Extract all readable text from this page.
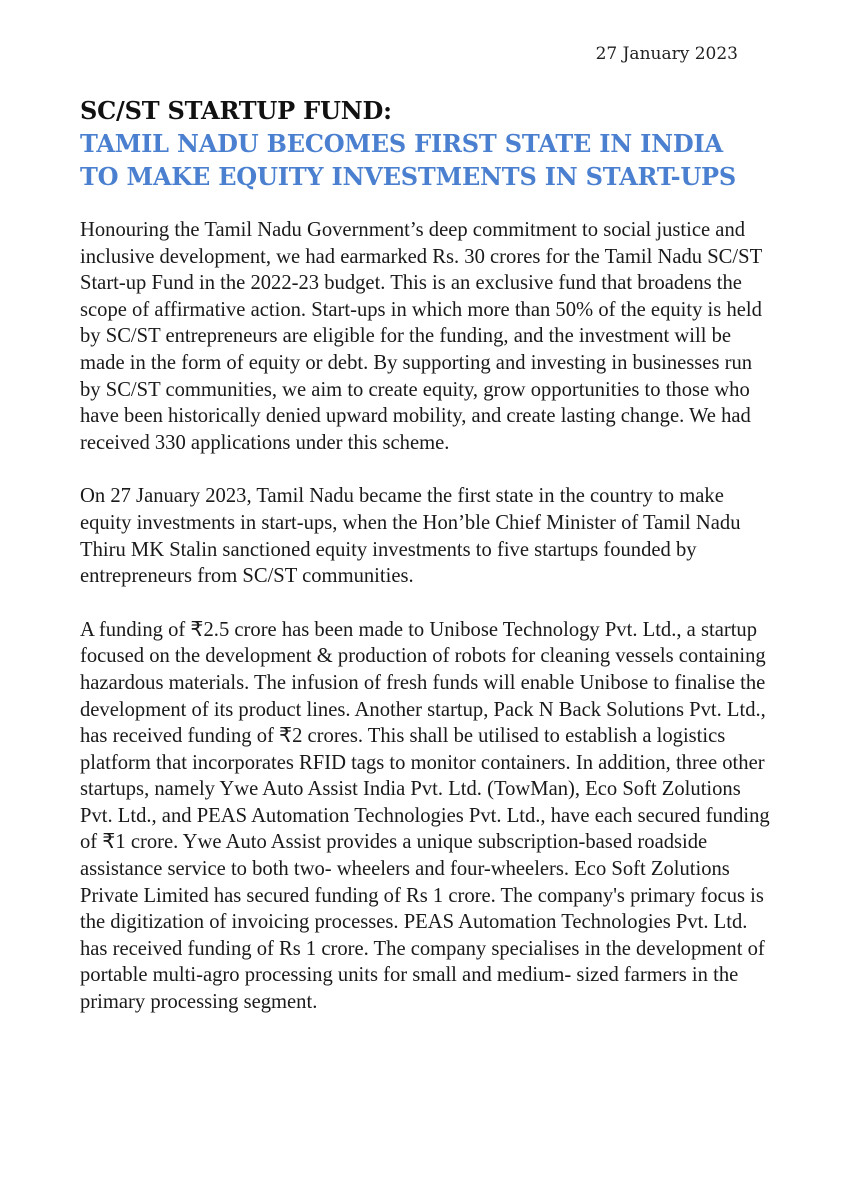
27 January 2023
SC/ST STARTUP FUND:
TAMIL NADU BECOMES FIRST STATE IN INDIA
TO MAKE EQUITY INVESTMENTS IN START-UPS

Honouring the Tamil Nadu Government’s deep commitment to social justice and inclusive development, we had earmarked Rs. 30 crores for the Tamil Nadu SC/ST Start-up Fund in the 2022-23 budget. This is an exclusive fund that broadens the scope of affirmative action. Start-ups in which more than 50% of the equity is held by SC/ST entrepreneurs are eligible for the funding, and the investment will be made in the form of equity or debt. By supporting and investing in businesses run by SC/ST communities, we aim to create equity, grow opportunities to those who have been historically denied upward mobility, and create lasting change. We had received 330 applications under this scheme.

On 27 January 2023, Tamil Nadu became the first state in the country to make equity investments in start-ups, when the Hon’ble Chief Minister of Tamil Nadu Thiru MK Stalin sanctioned equity investments to five startups founded by entrepreneurs from SC/ST communities.

A funding of ₹2.5 crore has been made to Unibose Technology Pvt. Ltd., a startup focused on the development & production of robots for cleaning vessels containing hazardous materials. The infusion of fresh funds will enable Unibose to finalise the development of its product lines. Another startup, Pack N Back Solutions Pvt. Ltd., has received funding of ₹2 crores. This shall be utilised to establish a logistics platform that incorporates RFID tags to monitor containers. In addition, three other startups, namely Ywe Auto Assist India Pvt. Ltd. (TowMan), Eco Soft Zolutions Pvt. Ltd., and PEAS Automation Technologies Pvt. Ltd., have each secured funding of ₹1 crore. Ywe Auto Assist provides a unique subscription-based roadside assistance service to both two- wheelers and four-wheelers. Eco Soft Zolutions Private Limited has secured funding of Rs 1 crore. The company's primary focus is the digitization of invoicing processes. PEAS Automation Technologies Pvt. Ltd. has received funding of Rs 1 crore. The company specialises in the development of portable multi-agro processing units for small and medium- sized farmers in the primary processing segment.
